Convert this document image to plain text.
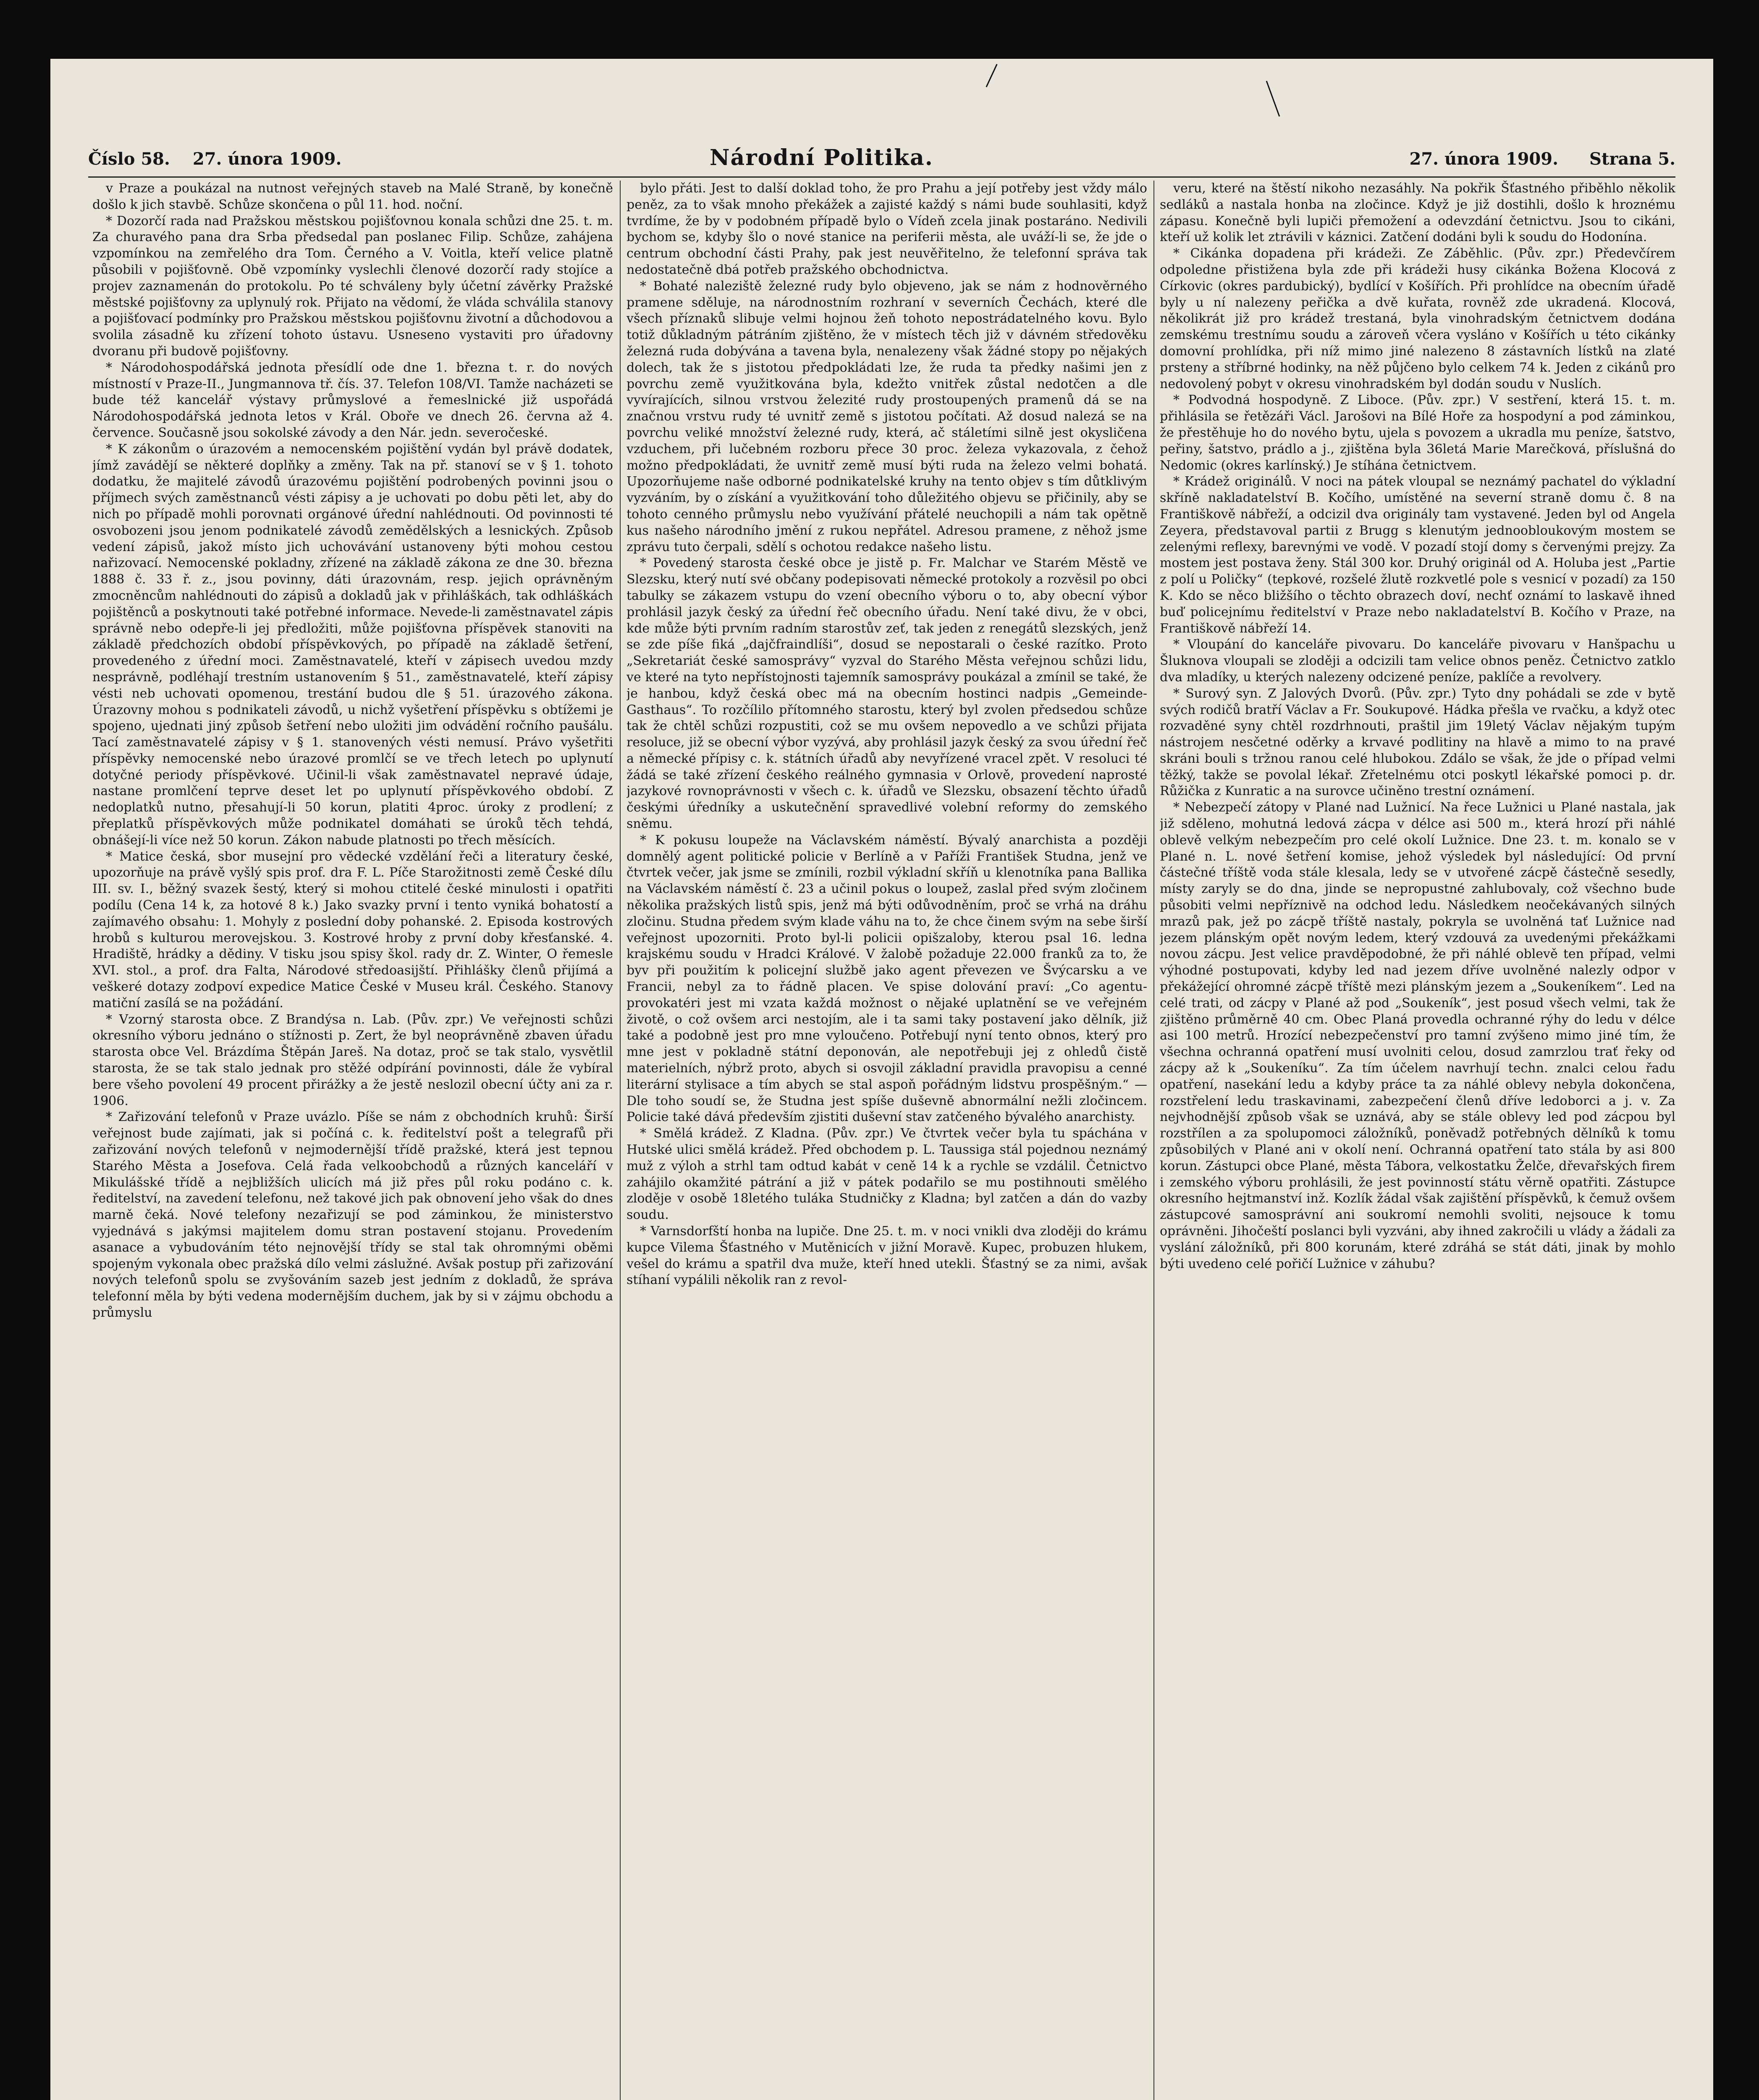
Číslo 58. 27. února 1909.	Národní Politika.	27. února 1909. Strana 5.

v Praze a poukázal na nutnost veřejných staveb na Malé Straně, by konečně došlo k jich stavbě. Schůze skončena o půl 11. hod. noční.

* Dozorčí rada nad Pražskou městskou pojišťovnou konala schůzi dne 25. t. m. Za churavého pana dra Srba předsedal pan poslanec Filip. Schůze, zahájena vzpomínkou na zemřelého dra Tom. Černého a V. Voitla, kteří velice platně působili v pojišťovně. Obě vzpomínky vyslechli členové dozorčí rady stojíce a projev zaznamenán do protokolu. Po té schváleny byly účetní závěrky Pražské městské pojišťovny za uplynulý rok. Přijato na vědomí, že vláda schválila stanovy a pojišťovací podmínky pro Pražskou městskou pojišťovnu životní a důchodovou a svolila zásadně ku zřízení tohoto ústavu. Usneseno vystaviti pro úřadovny dvoranu při budově pojišťovny.

* Národohospodářská jednota přesídlí ode dne 1. března t. r. do nových místností v Praze-II., Jungmannova tř. čís. 37. Telefon 108/VI. Tamže nacházeti se bude též kancelář výstavy průmyslové a řemeslnické již uspořádá Národohospodářská jednota letos v Král. Oboře ve dnech 26. června až 4. července. Současně jsou sokolské závody a den Nár. jedn. severočeské.

* K zákonům o úrazovém a nemocenském pojištění vydán byl právě dodatek, jímž zavádějí se některé doplňky a změny. Tak na př. stanoví se v § 1. tohoto dodatku, že majitelé závodů úrazovému pojištění podrobených povinni jsou o příjmech svých zaměstnanců vésti zápisy a je uchovati po dobu pěti let, aby do nich po případě mohli porovnati orgánové úřední nahlédnouti. Od povinnosti té osvobozeni jsou jenom podnikatelé závodů zemědělských a lesnických. Způsob vedení zápisů, jakož místo jich uchovávání ustanoveny býti mohou cestou nařizovací. Nemocenské pokladny, zřízené na základě zákona ze dne 30. března 1888 č. 33 ř. z., jsou povinny, dáti úrazovnám, resp. jejich oprávněným zmocněncům nahlédnouti do zápisů a dokladů jak v přihláškách, tak odhláškách pojištěnců a poskytnouti také potřebné informace. Nevede-li zaměstnavatel zápis správně nebo odepře-li jej předložiti, může pojišťovna příspěvek stanoviti na základě předchozích období příspěvkových, po případě na základě šetření, provedeného z úřední moci. Zaměstnavatelé, kteří v zápisech uvedou mzdy nesprávně, podléhají trestním ustanovením § 51., zaměstnavatelé, kteří zápisy vésti neb uchovati opomenou, trestání budou dle § 51. úrazového zákona. Úrazovny mohou s podnikateli závodů, u nichž vyšetření příspěvku s obtížemi je spojeno, ujednati jiný způsob šetření nebo uložiti jim odvádění ročního paušálu. Tací zaměstnavatelé zápisy v § 1. stanovených vésti nemusí. Právo vyšetřiti příspěvky nemocenské nebo úrazové promlčí se ve třech letech po uplynutí dotyčné periody příspěvkové. Učinil-li však zaměstnavatel nepravé údaje, nastane promlčení teprve deset let po uplynutí příspěvkového období. Z nedoplatků nutno, přesahují-li 50 korun, platiti 4proc. úroky z prodlení; z přeplatků příspěvkových může podnikatel domáhati se úroků těch tehdá, obnášejí-li více než 50 korun. Zákon nabude platnosti po třech měsících.

* Matice česká, sbor musejní pro vědecké vzdělání řeči a literatury české, upozorňuje na právě vyšlý spis prof. dra F. L. Píče Starožitnosti země České dílu III. sv. I., běžný svazek šestý, který si mohou ctitelé české minulosti i opatřiti podílu (Cena 14 k, za hotové 8 k.) Jako svazky první i tento vyniká bohatostí a zajímavého obsahu: 1. Mohyly z poslední doby pohanské. 2. Episoda kostrových hrobů s kulturou merovejskou. 3. Kostrové hroby z první doby křesťanské. 4. Hradiště, hrádky a dědiny. V tisku jsou spisy škol. rady dr. Z. Winter, O řemesle XVI. stol., a prof. dra Falta, Národové středoasijští. Přihlášky členů přijímá a veškeré dotazy zodpoví expedice Matice České v Museu král. Českého. Stanovy matiční zasílá se na požádání.

* Vzorný starosta obce. Z Brandýsa n. Lab. (Pův. zpr.) Ve veřejnosti schůzi okresního výboru jednáno o stížnosti p. Zert, že byl neoprávněně zbaven úřadu starosta obce Vel. Brázdíma Štěpán Jareš. Na dotaz, proč se tak stalo, vysvětlil starosta, že se tak stalo jednak pro stěžé odpírání povinnosti, dále že vybíral bere všeho povolení 49 procent přirážky a že jestě neslozil obecní účty ani za r. 1906.

* Zařizování telefonů v Praze uvázlo. Píše se nám z obchodních kruhů: Širší veřejnost bude zajímati, jak si počíná c. k. ředitelství pošt a telegrafů při zařizování nových telefonů v nejmodernější třídě pražské, která jest tepnou Starého Města a Josefova. Celá řada velkoobchodů a různých kanceláří v Mikulášské třídě a nejbližších ulicích má již přes půl roku podáno c. k. ředitelství, na zavedení telefonu, než takové jich pak obnovení jeho však do dnes marně čeká. Nové telefony nezařizují se pod záminkou, že ministerstvo vyjednává s jakýmsi majitelem domu stran postavení stojanu. Provedením asanace a vybudováním této nejnovější třídy se stal tak ohromnými oběmi spojeným vykonala obec pražská dílo velmi záslužné. Avšak postup při zařizování nových telefonů spolu se zvyšováním sazeb jest jedním z dokladů, že správa telefonní měla by býti vedena modernějším duchem, jak by si v zájmu obchodu a průmyslu

bylo přáti. Jest to další doklad toho, že pro Prahu a její potřeby jest vždy málo peněz, za to však mnoho překážek a zajisté každý s námi bude souhlasiti, když tvrdíme, že by v podobném případě bylo o Vídeň zcela jinak postaráno. Nedivili bychom se, kdyby šlo o nové stanice na periferii města, ale uváží-li se, že jde o centrum obchodní části Prahy, pak jest neuvěřitelno, že telefonní správa tak nedostatečně dbá potřeb pražského obchodnictva.

* Bohaté naleziště železné rudy bylo objeveno, jak se nám z hodnověrného pramene sděluje, na národnostním rozhraní v severních Čechách, které dle všech příznaků slibuje velmi hojnou žeň tohoto nepostrádatelného kovu. Bylo totiž důkladným pátráním zjištěno, že v místech těch již v dávném středověku železná ruda dobývána a tavena byla, nenalezeny však žádné stopy po nějakých dolech, tak že s jistotou předpokládati lze, že ruda ta předky našimi jen z povrchu země využitkována byla, kdežto vnitřek zůstal nedotčen a dle vyvírajících, silnou vrstvou železité rudy prostoupených pramenů dá se na značnou vrstvu rudy té uvnitř země s jistotou počítati. Až dosud nalezá se na povrchu veliké množství železné rudy, která, ač stáletími silně jest okysličena vzduchem, při lučebném rozboru přece 30 proc. železa vykazovala, z čehož možno předpokládati, že uvnitř země musí býti ruda na železo velmi bohatá. Upozorňujeme naše odborné podnikatelské kruhy na tento objev s tím důtklivým vyzváním, by o získání a využitkování toho důležitého objevu se přičinily, aby se tohoto cenného průmyslu nebo využívání přátelé neuchopili a nám tak opětně kus našeho národního jmění z rukou nepřátel. Adresou pramene, z něhož jsme zprávu tuto čerpali, sdělí s ochotou redakce našeho listu.

* Povedený starosta české obce je jistě p. Fr. Malchar ve Starém Městě ve Slezsku, který nutí své občany podepisovati německé protokoly a rozvěsil po obci tabulky se zákazem vstupu do vzení obecního výboru o to, aby obecní výbor prohlásil jazyk český za úřední řeč obecního úřadu. Není také divu, že v obci, kde může býti prvním radním starostův zeť, tak jeden z renegátů slezských, jenž se zde píše fiká „dajčfraindlíši“, dosud se nepostarali o české razítko. Proto „Sekretariát české samosprávy“ vyzval do Starého Města veřejnou schůzi lidu, ve které na tyto nepřístojnosti tajemník samosprávy poukázal a zmínil se také, že je hanbou, když česká obec má na obecním hostinci nadpis „Gemeinde-Gasthaus“. To rozčílilo přítomného starostu, který byl zvolen předsedou schůze tak že chtěl schůzi rozpustiti, což se mu ovšem nepovedlo a ve schůzi přijata resoluce, již se obecní výbor vyzývá, aby prohlásil jazyk český za svou úřední řeč a německé přípisy c. k. státních úřadů aby nevyřízené vracel zpět. V resoluci té žádá se také zřízení českého reálného gymnasia v Orlově, provedení naprosté jazykové rovnoprávnosti v všech c. k. úřadů ve Slezsku, obsazení těchto úřadů českými úředníky a uskutečnění spravedlivé volební reformy do zemského sněmu.

* K pokusu loupeže na Václavském náměstí. Bývalý anarchista a později domnělý agent politické policie v Berlíně a v Paříži František Studna, jenž ve čtvrtek večer, jak jsme se zmínili, rozbil výkladní skříň u klenotníka pana Ballika na Václavském náměstí č. 23 a učinil pokus o loupež, zaslal před svým zločinem několika pražských listů spis, jenž má býti odůvodněním, proč se vrhá na dráhu zločinu. Studna předem svým klade váhu na to, že chce činem svým na sebe širší veřejnost upozorniti. Proto byl-li policii opišzaloby, kterou psal 16. ledna krajskému soudu v Hradci Králové. V žalobě požaduje 22.000 franků za to, že byv při použitím k policejní službě jako agent převezen ve Švýcarsku a ve Francii, nebyl za to řádně placen. Ve spise dolování praví: „Co agentu-provokatéri jest mi vzata každá možnost o nějaké uplatnění se ve veřejném životě, o což ovšem arci nestojím, ale i ta sami taky postavení jako dělník, již také a podobně jest pro mne vyloučeno. Potřebují nyní tento obnos, který pro mne jest v pokladně státní deponován, ale nepotřebuji jej z ohledů čistě materielních, nýbrž proto, abych si osvojil základní pravidla pravopisu a cenné literární stylisace a tím abych se stal aspoň pořádným lidstvu prospěšným.“ — Dle toho soudí se, že Studna jest spíše duševně abnormální nežli zločincem. Policie také dává především zjistiti duševní stav zatčeného bývalého anarchisty.

* Smělá krádež. Z Kladna. (Pův. zpr.) Ve čtvrtek večer byla tu spáchána v Hutské ulici smělá krádež. Před obchodem p. L. Taussiga stál pojednou neznámý muž z výloh a strhl tam odtud kabát v ceně 14 k a rychle se vzdálil. Četnictvo zahájilo okamžité pátrání a již v pátek podařilo se mu postihnouti smělého zloděje v osobě 18letého tuláka Studničky z Kladna; byl zatčen a dán do vazby soudu.

* Varnsdorfští honba na lupiče. Dne 25. t. m. v noci vnikli dva zloději do krámu kupce Vilema Šťastného v Mutěnicích v jižní Moravě. Kupec, probuzen hlukem, vešel do krámu a spatřil dva muže, kteří hned utekli. Šťastný se za nimi, avšak stíhaní vypálili několik ran z revol-

veru, které na štěstí nikoho nezasáhly. Na pokřik Šťastného přiběhlo několik sedláků a nastala honba na zločince. Když je již dostihli, došlo k hroznému zápasu. Konečně byli lupiči přemožení a odevzdání četnictvu. Jsou to cikáni, kteří už kolik let ztrávili v káznici. Zatčení dodáni byli k soudu do Hodonína.

* Cikánka dopadena při krádeži. Ze Záběhlic. (Pův. zpr.) Předevčírem odpoledne přistižena byla zde při krádeži husy cikánka Božena Klocová z Církovic (okres pardubický), bydlící v Košířích. Při prohlídce na obecním úřadě byly u ní nalezeny peřička a dvě kuřata, rovněž zde ukradená. Klocová, několikrát již pro krádež trestaná, byla vinohradským četnictvem dodána zemskému trestnímu soudu a zároveň včera vysláno v Košířích u této cikánky domovní prohlídka, při níž mimo jiné nalezeno 8 zástavních lístků na zlaté prsteny a stříbrné hodinky, na něž půjčeno bylo celkem 74 k. Jeden z cikánů pro nedovolený pobyt v okresu vinohradském byl dodán soudu v Nuslích.

* Podvodná hospodyně. Z Liboce. (Pův. zpr.) V sestření, která 15. t. m. přihlásila se řetězáři Václ. Jarošovi na Bílé Hoře za hospodyní a pod záminkou, že přestěhuje ho do nového bytu, ujela s povozem a ukradla mu peníze, šatstvo, peřiny, šatstvo, prádlo a j., zjištěna byla 36letá Marie Marečková, příslušná do Nedomic (okres karlínský.) Je stíhána četnictvem.

* Krádež originálů. V noci na pátek vloupal se neznámý pachatel do výkladní skříně nakladatelství B. Kočího, umístěné na severní straně domu č. 8 na Františkově nábřeží, a odcizil dva originály tam vystavené. Jeden byl od Angela Zeyera, představoval partii z Brugg s klenutým jednoobloukovým mostem se zelenými reflexy, barevnými ve vodě. V pozadí stojí domy s červenými prejzy. Za mostem jest postava ženy. Stál 300 kor. Druhý originál od A. Holuba jest „Partie z polí u Poličky“ (tepkové, rozšelé žlutě rozkvetlé pole s vesnicí v pozadí) za 150 K. Kdo se něco bližšího o těchto obrazech doví, nechť oznámí to laskavě ihned buď policejnímu ředitelství v Praze nebo nakladatelství B. Kočího v Praze, na Františkově nábřeží 14.

* Vloupání do kanceláře pivovaru. Do kanceláře pivovaru v Hanšpachu u Šluknova vloupali se zloději a odcizili tam velice obnos peněz. Četnictvo zatklo dva mladíky, u kterých nalezeny odcizené peníze, paklíče a revolvery.

* Surový syn. Z Jalových Dvorů. (Pův. zpr.) Tyto dny pohádali se zde v bytě svých rodičů bratří Václav a Fr. Soukupové. Hádka přešla ve rvačku, a když otec rozvaděné syny chtěl rozdrhnouti, praštil jim 19letý Václav nějakým tupým nástrojem nesčetné oděrky a krvavé podlitiny na hlavě a mimo to na pravé skráni bouli s tržnou ranou celé hlubokou. Zdálo se však, že jde o případ velmi těžký, takže se povolal lékař. Zřetelnému otci poskytl lékařské pomoci p. dr. Růžička z Kunratic a na surovce učiněno trestní oznámení.

* Nebezpečí zátopy v Plané nad Lužnicí. Na řece Lužnici u Plané nastala, jak již sděleno, mohutná ledová zácpa v délce asi 500 m., která hrozí při náhlé oblevě velkým nebezpečím pro celé okolí Lužnice. Dne 23. t. m. konalo se v Plané n. L. nové šetření komise, jehož výsledek byl následující: Od první částečné tříště voda stále klesala, ledy se v utvořené zácpě částečně sesedly, místy zaryly se do dna, jinde se nepropustné zahlubovaly, což všechno bude působiti velmi nepříznivě na odchod ledu. Následkem neočekávaných silných mrazů pak, jež po zácpě tříště nastaly, pokryla se uvolněná tať Lužnice nad jezem plánským opět novým ledem, který vzdouvá za uvedenými překážkami novou zácpu. Jest velice pravděpodobné, že při náhlé oblevě ten případ, velmi výhodné postupovati, kdyby led nad jezem dříve uvolněné nalezly odpor v překážející ohromné zácpě tříště mezi plánským jezem a „Soukeníkem“. Led na celé trati, od zácpy v Plané až pod „Soukeník“, jest posud všech velmi, tak že zjištěno průměrně 40 cm. Obec Planá provedla ochranné rýhy do ledu v délce asi 100 metrů. Hrozící nebezpečenství pro tamní zvýšeno mimo jiné tím, že všechna ochranná opatření musí uvolniti celou, dosud zamrzlou trať řeky od zácpy až k „Soukeníku“. Za tím účelem navrhují techn. znalci celou řadu opatření, nasekání ledu a kdyby práce ta za náhlé oblevy nebyla dokončena, rozstřelení ledu traskavinami, zabezpečení členů dříve ledoborci a j. v. Za nejvhodnější způsob však se uznává, aby se stále oblevy led pod zácpou byl rozstřílen a za spolupomoci záložníků, poněvadž potřebných dělníků k tomu způsobilých v Plané ani v okolí není. Ochranná opatření tato stála by asi 800 korun. Zástupci obce Plané, města Tábora, velkostatku Želče, dřevařských firem i zemského výboru prohlásili, že jest povinností státu věrně opatřiti. Zástupce okresního hejtmanství inž. Kozlík žádal však zajištění příspěvků, k čemuž ovšem zástupcové samosprávní ani soukromí nemohli svoliti, nejsouce k tomu oprávněni. Jihočeští poslanci byli vyzváni, aby ihned zakročili u vlády a žádali za vyslání záložníků, při 800 korunám, které zdráhá se stát dáti, jinak by mohlo býti uvedeno celé pořičí Lužnice v záhubu?
